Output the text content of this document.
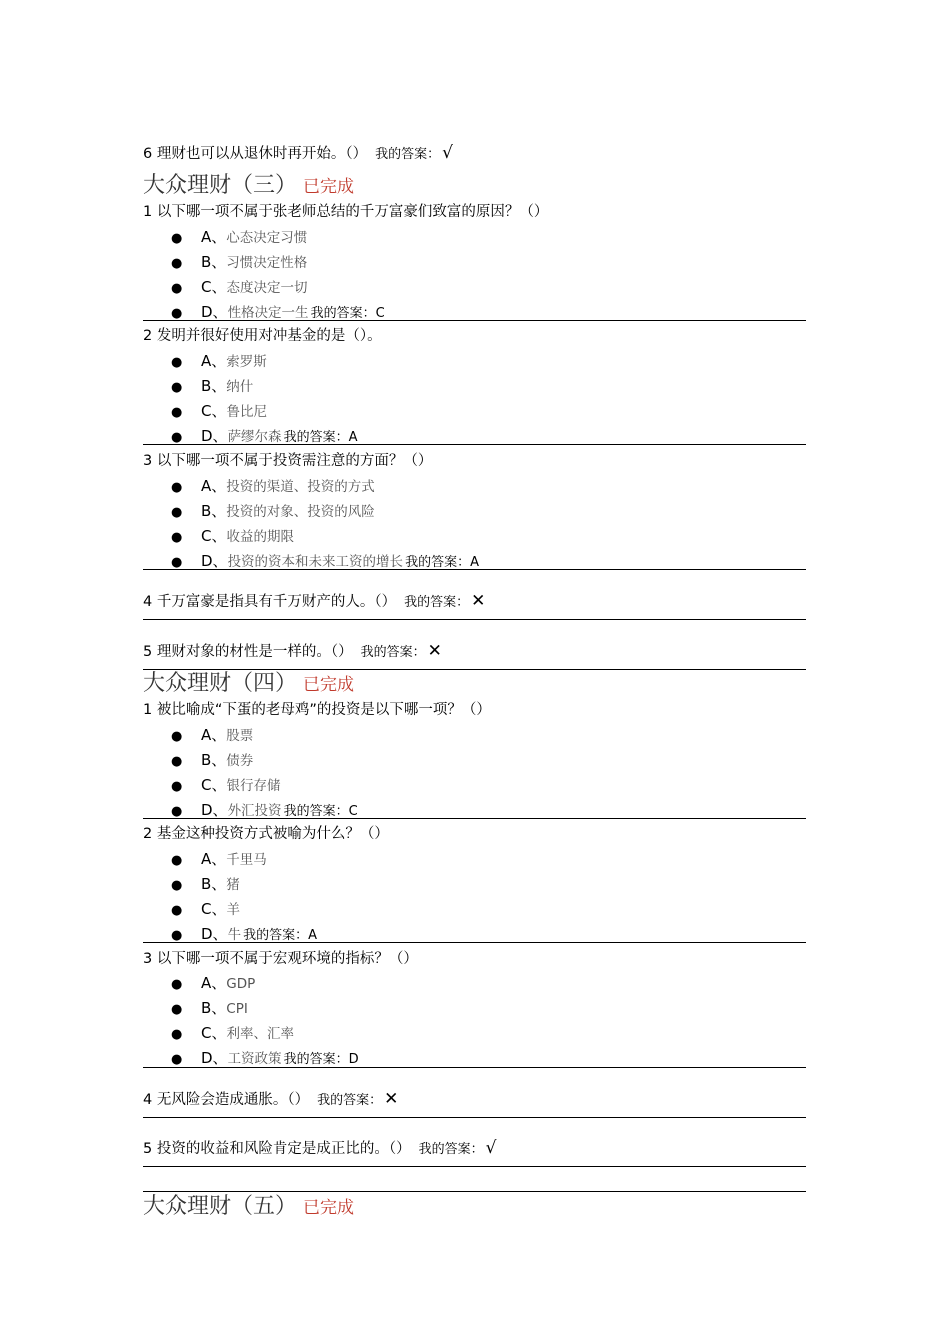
6 理财也可以从退休时再开始。（） 我的答案： √
大众理财（三） 已完成
1 以下哪一项不属于张老师总结的千万富豪们致富的原因？（）
● A、心态决定习惯
● B、习惯决定性格
● C、态度决定一切
● D、性格决定一生 我的答案：C
2 发明并很好使用对冲基金的是（）。
● A、索罗斯
● B、纳什
● C、鲁比尼
● D、萨缪尔森 我的答案：A
3 以下哪一项不属于投资需注意的方面？（）
● A、投资的渠道、投资的方式
● B、投资的对象、投资的风险
● C、收益的期限
● D、投资的资本和未来工资的增长 我的答案：A
4 千万富豪是指具有千万财产的人。（） 我的答案： ✕
5 理财对象的材性是一样的。（） 我的答案： ✕
大众理财（四） 已完成
1 被比喻成“下蛋的老母鸡”的投资是以下哪一项？（）
● A、股票
● B、债券
● C、银行存储
● D、外汇投资 我的答案：C
2 基金这种投资方式被喻为什么？（）
● A、千里马
● B、猪
● C、羊
● D、牛 我的答案：A
3 以下哪一项不属于宏观环境的指标？（）
● A、GDP
● B、CPI
● C、利率、汇率
● D、工资政策 我的答案：D
4 无风险会造成通胀。（） 我的答案： ✕
5 投资的收益和风险肯定是成正比的。（） 我的答案： √
大众理财（五） 已完成
